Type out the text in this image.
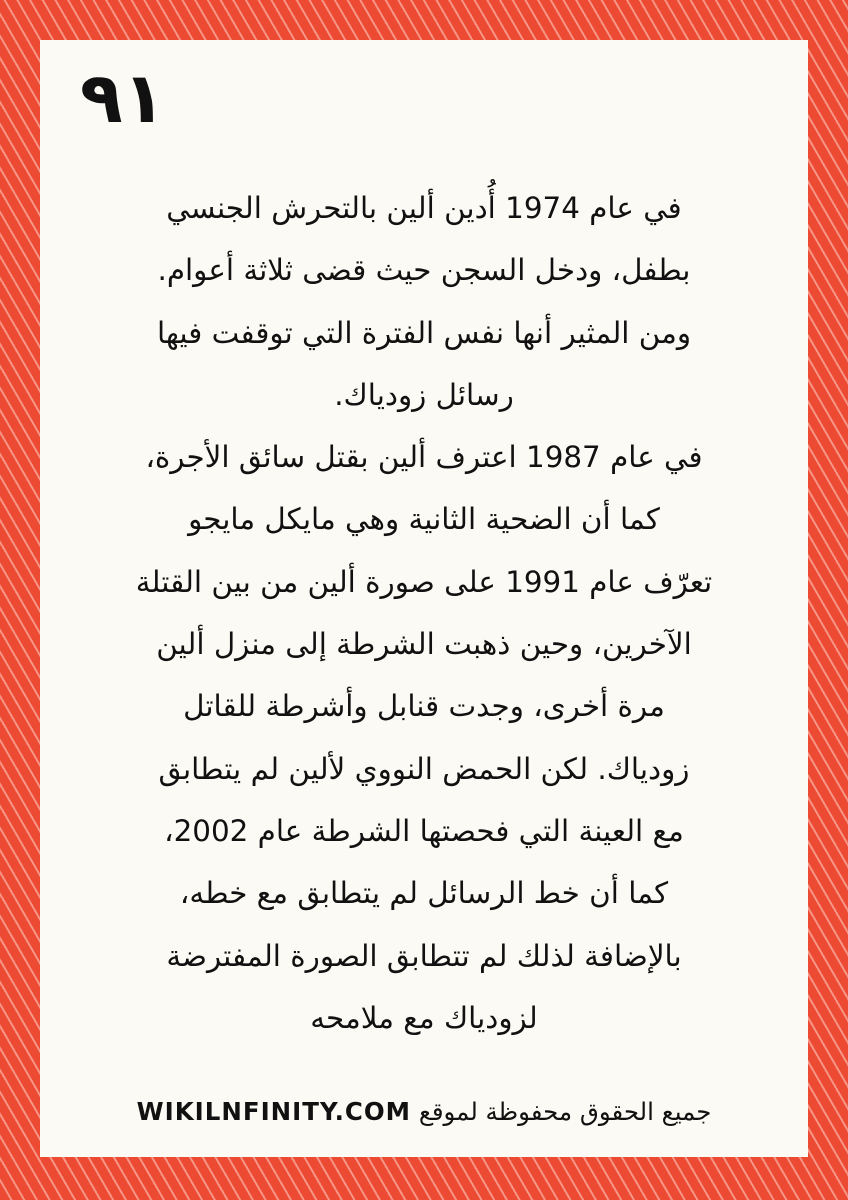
٩١
في عام 1974 أُدين ألين بالتحرش الجنسي
بطفل، ودخل السجن حيث قضى ثلاثة أعوام.
ومن المثير أنها نفس الفترة التي توقفت فيها
رسائل زودياك.
في عام 1987 اعترف ألين بقتل سائق الأجرة،
كما أن الضحية الثانية وهي مايكل مايجو
تعرّف عام 1991 على صورة ألين من بين القتلة
الآخرين، وحين ذهبت الشرطة إلى منزل ألين
مرة أخرى، وجدت قنابل وأشرطة للقاتل
زودياك. لكن الحمض النووي لألين لم يتطابق
مع العينة التي فحصتها الشرطة عام 2002،
كما أن خط الرسائل لم يتطابق مع خطه،
بالإضافة لذلك لم تتطابق الصورة المفترضة
لزودياك مع ملامحه
جميع الحقوق محفوظة لموقع WIKILNFINITY.COM
